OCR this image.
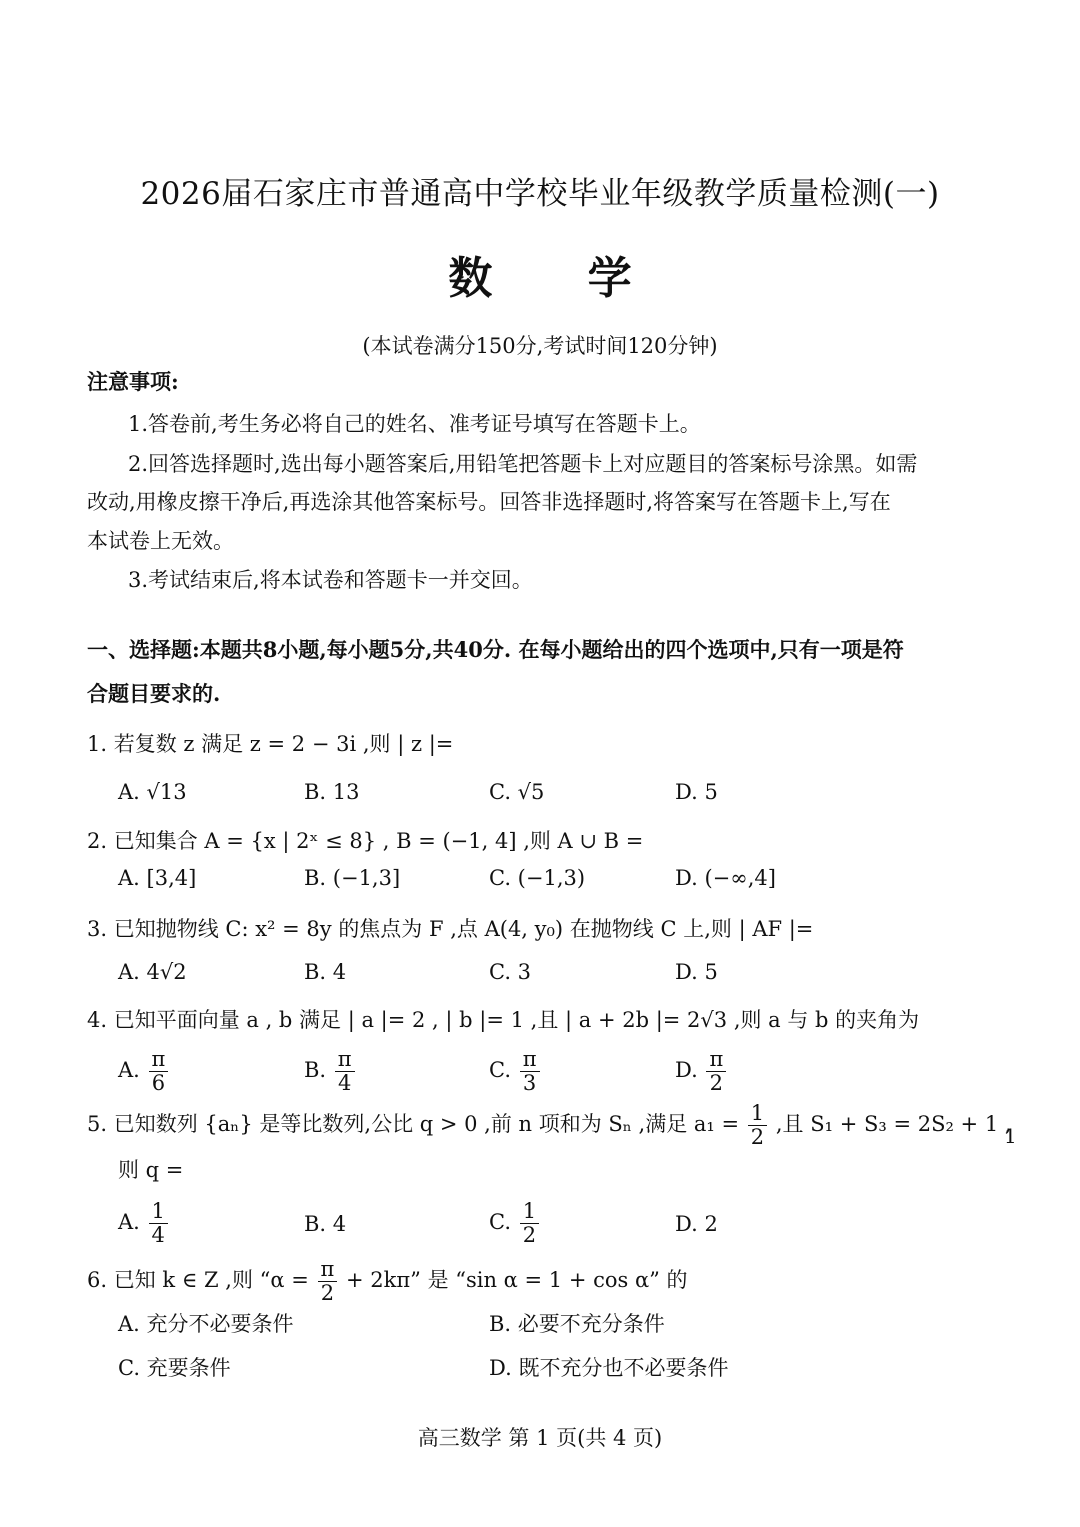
2026届石家庄市普通高中学校毕业年级教学质量检测(一)
数 学
(本试卷满分150分,考试时间120分钟)
注意事项:
1.答卷前,考生务必将自己的姓名、准考证号填写在答题卡上。
2.回答选择题时,选出每小题答案后,用铅笔把答题卡上对应题目的答案标号涂黑。如需
改动,用橡皮擦干净后,再选涂其他答案标号。回答非选择题时,将答案写在答题卡上,写在
本试卷上无效。
3.考试结束后,将本试卷和答题卡一并交回。
一、选择题:本题共8小题,每小题5分,共40分. 在每小题给出的四个选项中,只有一项是符
合题目要求的.
1. 若复数 z 满足 z = 2 − 3i ,则 | z |=
A. √13	B. 13	C. √5	D. 5
2. 已知集合 A = {x | 2ˣ ≤ 8} , B = (−1, 4] ,则 A ∪ B =
A. [3,4]	B. (−1,3]	C. (−1,3)	D. (−∞,4]
3. 已知抛物线 C: x² = 8y 的焦点为 F ,点 A(4, y₀) 在抛物线 C 上,则 | AF |=
A. 4√2	B. 4	C. 3	D. 5
4. 已知平面向量 a , b 满足 | a |= 2 , | b |= 1 ,且 | a + 2b |= 2√3 ,则 a 与 b 的夹角为
A. $\frac{\pi}{6}$	B. $\frac{\pi}{4}$	C. $\frac{\pi}{3}$	D. $\frac{\pi}{2}$
5. 已知数列 {aₙ} 是等比数列,公比 q > 0 ,前 n 项和为 Sₙ ,满足 $a_1 = \frac{1}{2}$ ,且 S₁ + S₃ = 2S₂ + 1 ,
则 q =
A. $\frac{1}{4}$	B. 4	C. $\frac{1}{2}$	D. 2
1
6. 已知 k ∈ Z ,则 “$\alpha = \frac{\pi}{2} + 2k\pi$” 是 “sin α = 1 + cos α” 的
A. 充分不必要条件	B. 必要不充分条件
C. 充要条件	D. 既不充分也不必要条件
高三数学 第 1 页(共 4 页)
